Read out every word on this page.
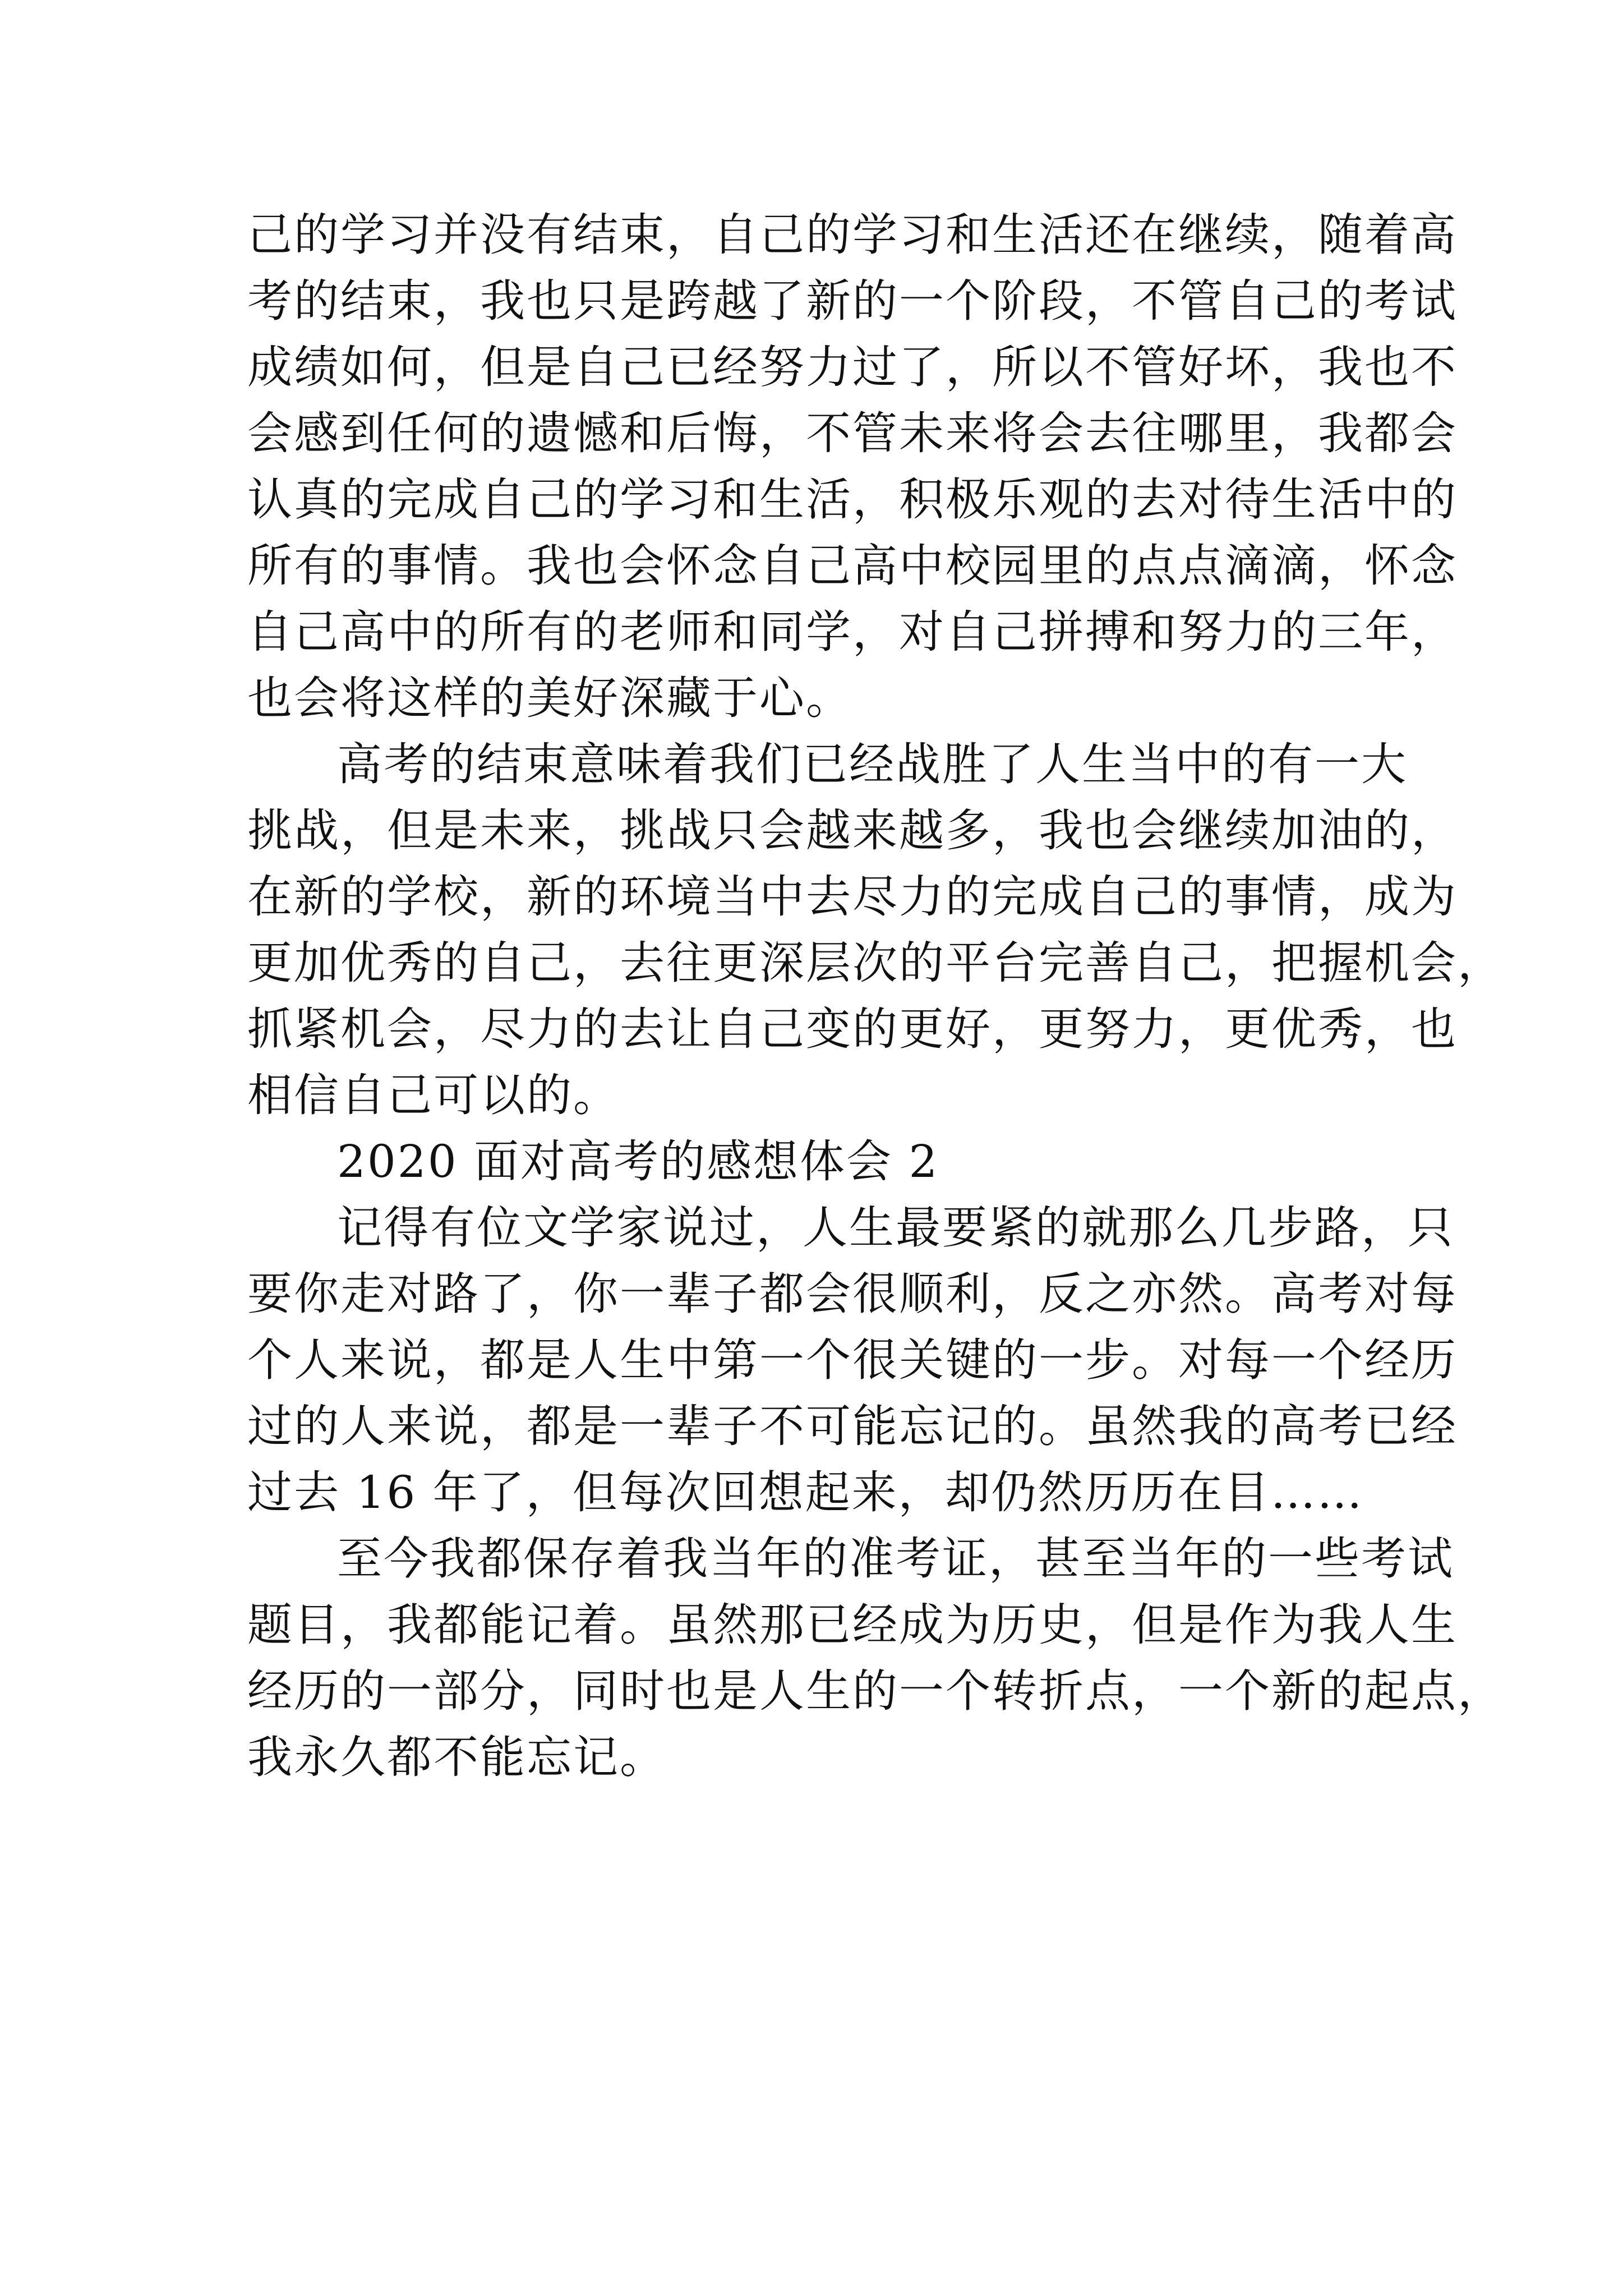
己的学习并没有结束，自己的学习和生活还在继续，随着高
考的结束，我也只是跨越了新的一个阶段，不管自己的考试
成绩如何，但是自己已经努力过了，所以不管好坏，我也不
会感到任何的遗憾和后悔，不管未来将会去往哪里，我都会
认真的完成自己的学习和生活，积极乐观的去对待生活中的
所有的事情。我也会怀念自己高中校园里的点点滴滴，怀念
自己高中的所有的老师和同学，对自己拼搏和努力的三年，
也会将这样的美好深藏于心。
高考的结束意味着我们已经战胜了人生当中的有一大
挑战，但是未来，挑战只会越来越多，我也会继续加油的，
在新的学校，新的环境当中去尽力的完成自己的事情，成为
更加优秀的自己，去往更深层次的平台完善自己，把握机会，
抓紧机会，尽力的去让自己变的更好，更努力，更优秀，也
相信自己可以的。
2020 面对高考的感想体会 2
记得有位文学家说过，人生最要紧的就那么几步路，只
要你走对路了，你一辈子都会很顺利，反之亦然。高考对每
个人来说，都是人生中第一个很关键的一步。对每一个经历
过的人来说，都是一辈子不可能忘记的。虽然我的高考已经
过去 16 年了，但每次回想起来，却仍然历历在目……
至今我都保存着我当年的准考证，甚至当年的一些考试
题目，我都能记着。虽然那已经成为历史，但是作为我人生
经历的一部分，同时也是人生的一个转折点，一个新的起点，
我永久都不能忘记。
